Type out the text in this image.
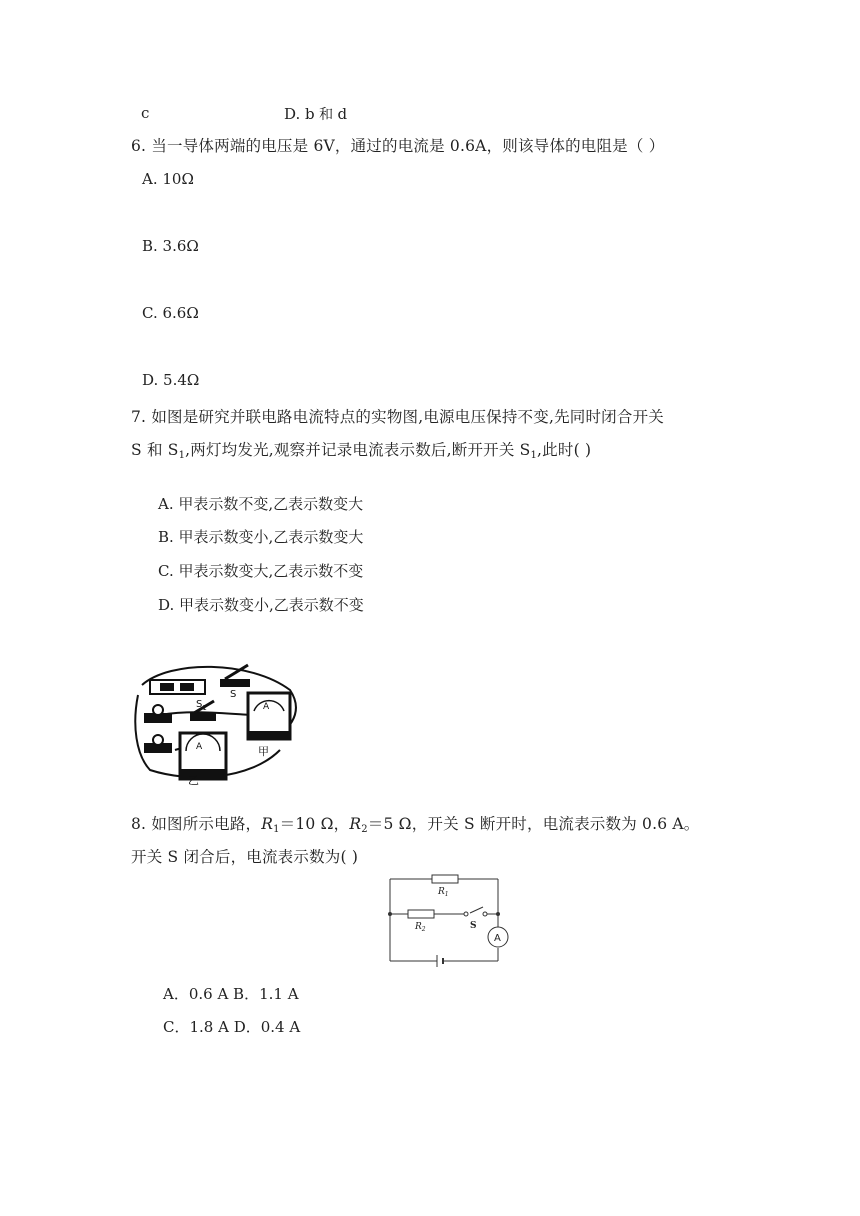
c	D. b 和 d
6. 当一导体两端的电压是 6V，通过的电流是 0.6A，则该导体的电阻是（ ）
A. 10Ω
B. 3.6Ω
C. 6.6Ω
D. 5.4Ω
7. 如图是研究并联电路电流特点的实物图,电源电压保持不变,先同时闭合开关
S 和 $S_1$,两灯均发光,观察并记录电流表示数后,断开开关 $S_1$,此时( )
A. 甲表示数不变,乙表示数变大
B. 甲表示数变小,乙表示数变大
C. 甲表示数变大,乙表示数不变
D. 甲表示数变小,乙表示数不变
S
$S_1$	A
甲
A
乙
8. 如图所示电路，$R_1=10$ Ω，$R_2=5$ Ω，开关 S 断开时，电流表示数为 0.6 A。
开关 S 闭合后，电流表示数为( )
A
$R_1$
$R_2$	S
A．0.6 A B．1.1 A
C．1.8 A D．0.4 A
